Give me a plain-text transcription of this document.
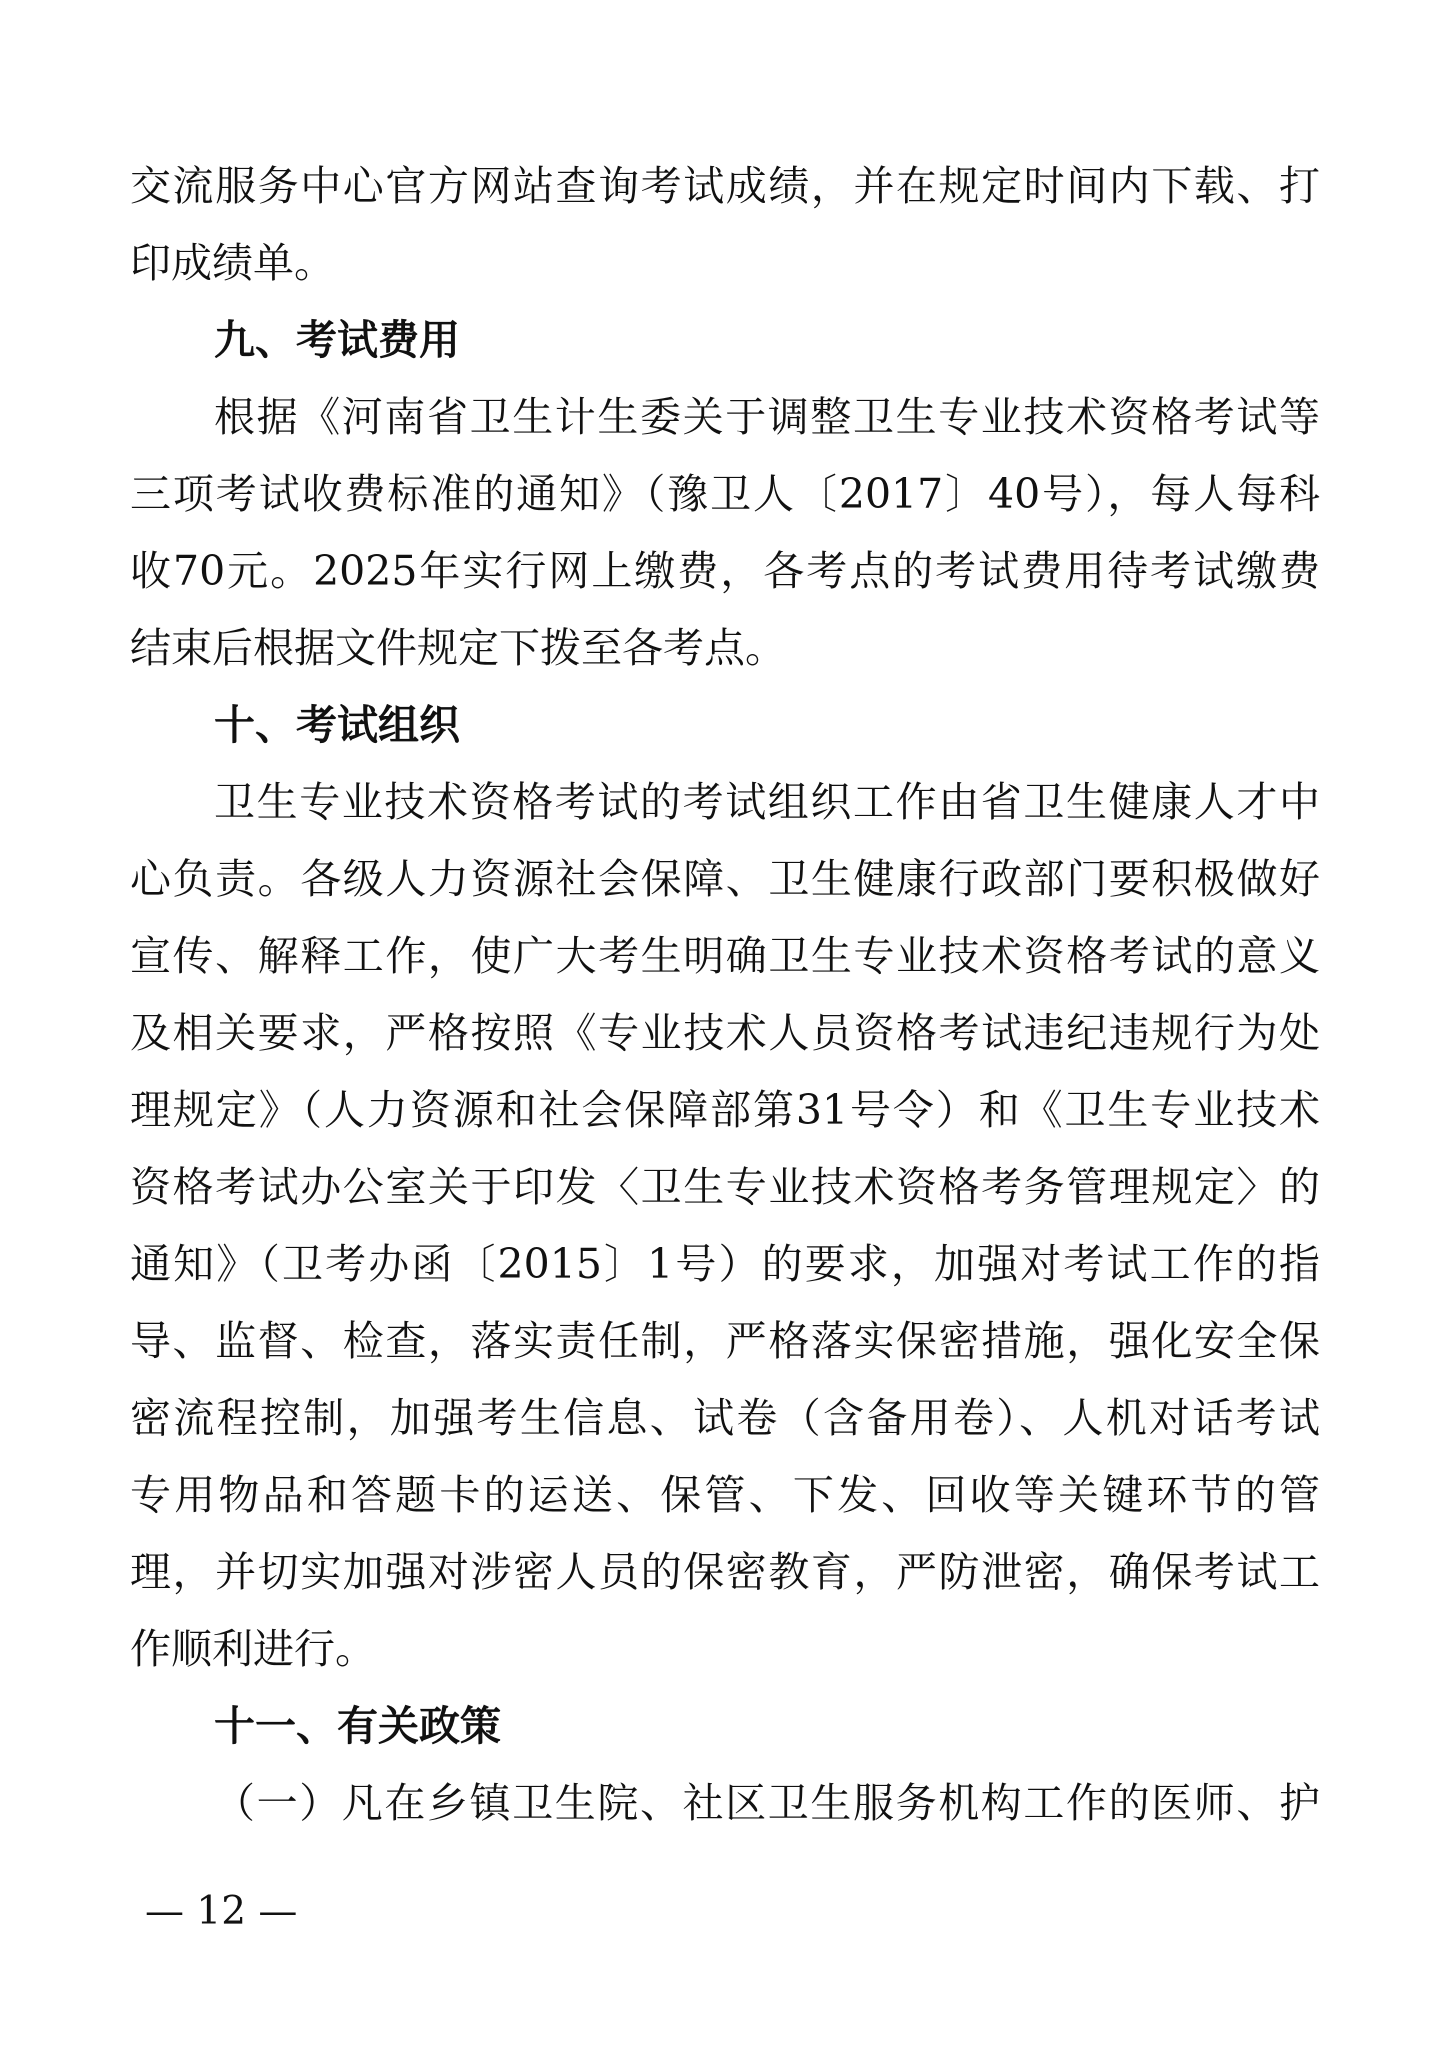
交流服务中心官方网站查询考试成绩，并在规定时间内下载、打
印成绩单。
九、考试费用
根据《河南省卫生计生委关于调整卫生专业技术资格考试等
三项考试收费标准的通知》（豫卫人〔2017〕40号），每人每科
收70元。2025年实行网上缴费，各考点的考试费用待考试缴费
结束后根据文件规定下拨至各考点。
十、考试组织
卫生专业技术资格考试的考试组织工作由省卫生健康人才中
心负责。各级人力资源社会保障、卫生健康行政部门要积极做好
宣传、解释工作，使广大考生明确卫生专业技术资格考试的意义
及相关要求，严格按照《专业技术人员资格考试违纪违规行为处
理规定》（人力资源和社会保障部第31号令）和《卫生专业技术
资格考试办公室关于印发〈卫生专业技术资格考务管理规定〉的
通知》（卫考办函〔2015〕1号）的要求，加强对考试工作的指
导、监督、检查，落实责任制，严格落实保密措施，强化安全保
密流程控制，加强考生信息、试卷（含备用卷）、人机对话考试
专用物品和答题卡的运送、保管、下发、回收等关键环节的管
理，并切实加强对涉密人员的保密教育，严防泄密，确保考试工
作顺利进行。
十一、有关政策
（一）凡在乡镇卫生院、社区卫生服务机构工作的医师、护
— 12 —
